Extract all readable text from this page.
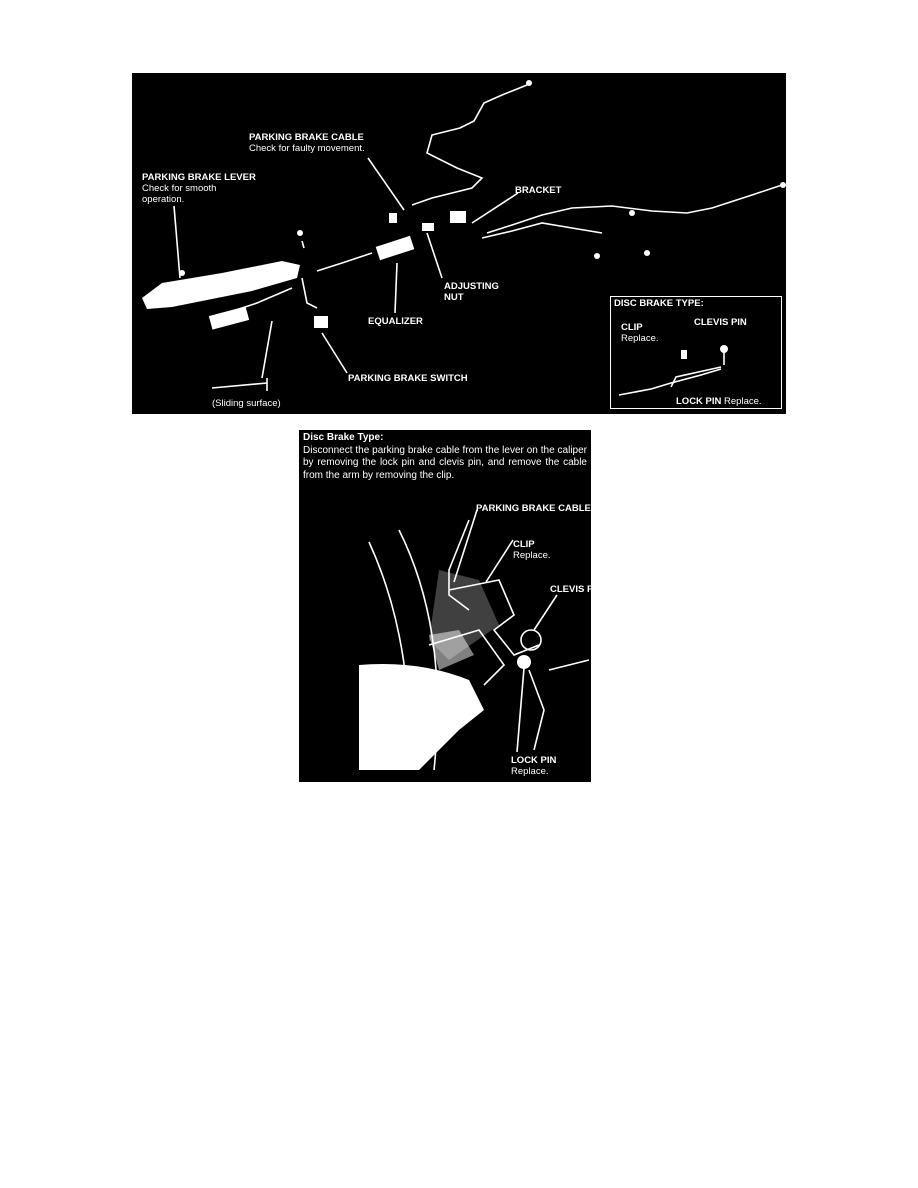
PARKING BRAKE CABLE
Check for faulty movement.
PARKING BRAKE LEVER
Check for smooth
operation.
BRACKET
ADJUSTING
NUT
EQUALIZER
PARKING BRAKE SWITCH
(Sliding surface)
DISC BRAKE TYPE:
CLIP
Replace.
CLEVIS PIN
LOCK PIN Replace.
Disc Brake Type:
Disconnect the parking brake cable from the lever on the caliper by removing the lock pin and clevis pin, and remove the cable from the arm by removing the clip.
PARKING BRAKE CABLE
CLIP
Replace.
CLEVIS PIN
LOCK PIN
Replace.
